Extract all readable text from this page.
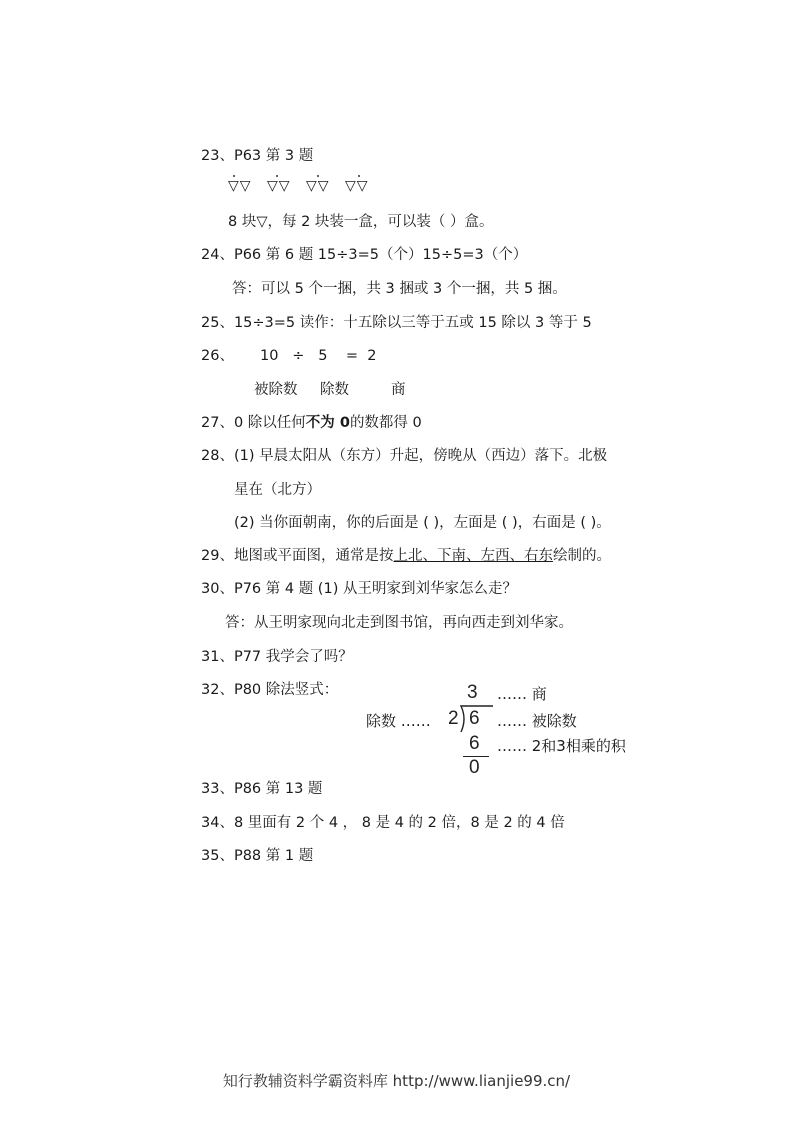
23、P63 第 3 题
▽▽ ▽▽ ▽▽ ▽▽
8 块▽，每 2 块装一盒，可以装（ ）盒。
24、P66 第 6 题 15÷3=5（个）15÷5=3（个）
答：可以 5 个一捆，共 3 捆或 3 个一捆，共 5 捆。
25、15÷3=5 读作：十五除以三等于五或 15 除以 3 等于 5
26、 10   ÷   5    =  2
被除数 除数	商
27、0 除以任何不为 0的数都得 0
28、(1) 早晨太阳从（东方）升起，傍晚从（西边）落下。北极
星在（北方）
(2) 当你面朝南，你的后面是 ( )，左面是 ( )，右面是 ( )。
29、地图或平面图，通常是按上北、下南、左西、右东绘制的。
30、P76 第 4 题 (1) 从王明家到刘华家怎么走？
答：从王明家现向北走到图书馆，再向西走到刘华家。
31、P77 我学会了吗？
32、P80 除法竖式：	3 …… 商
除数 …… 2 6 …… 被除数
6 …… 2和3相乘的积
0
33、P86 第 13 题
34、8 里面有 2 个 4 ， 8 是 4 的 2 倍，8 是 2 的 4 倍
35、P88 第 1 题
知行教辅资料学霸资料库 http://www.lianjie99.cn/
